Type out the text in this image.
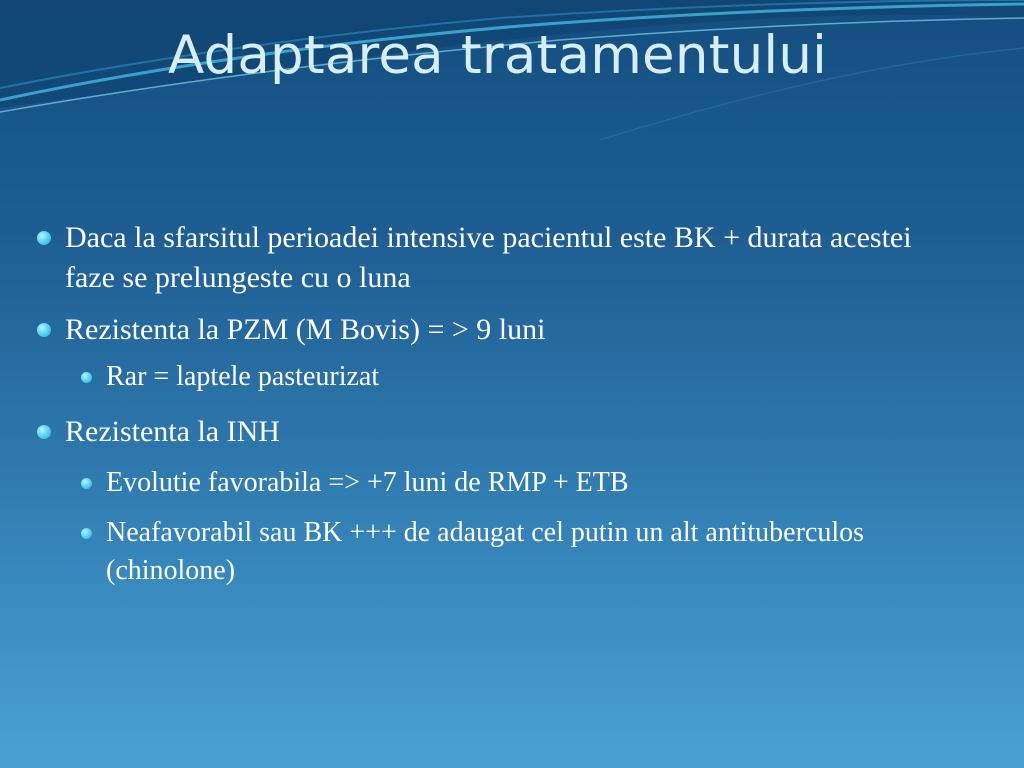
Adaptarea tratamentului
Daca la sfarsitul perioadei intensive pacientul este BK + durata acestei faze se prelungeste cu o luna
Rezistenta la PZM (M Bovis) = > 9 luni
Rar = laptele pasteurizat
Rezistenta la INH
Evolutie favorabila => +7 luni de RMP + ETB
Neafavorabil sau BK +++ de adaugat cel putin un alt antituberculos (chinolone)
